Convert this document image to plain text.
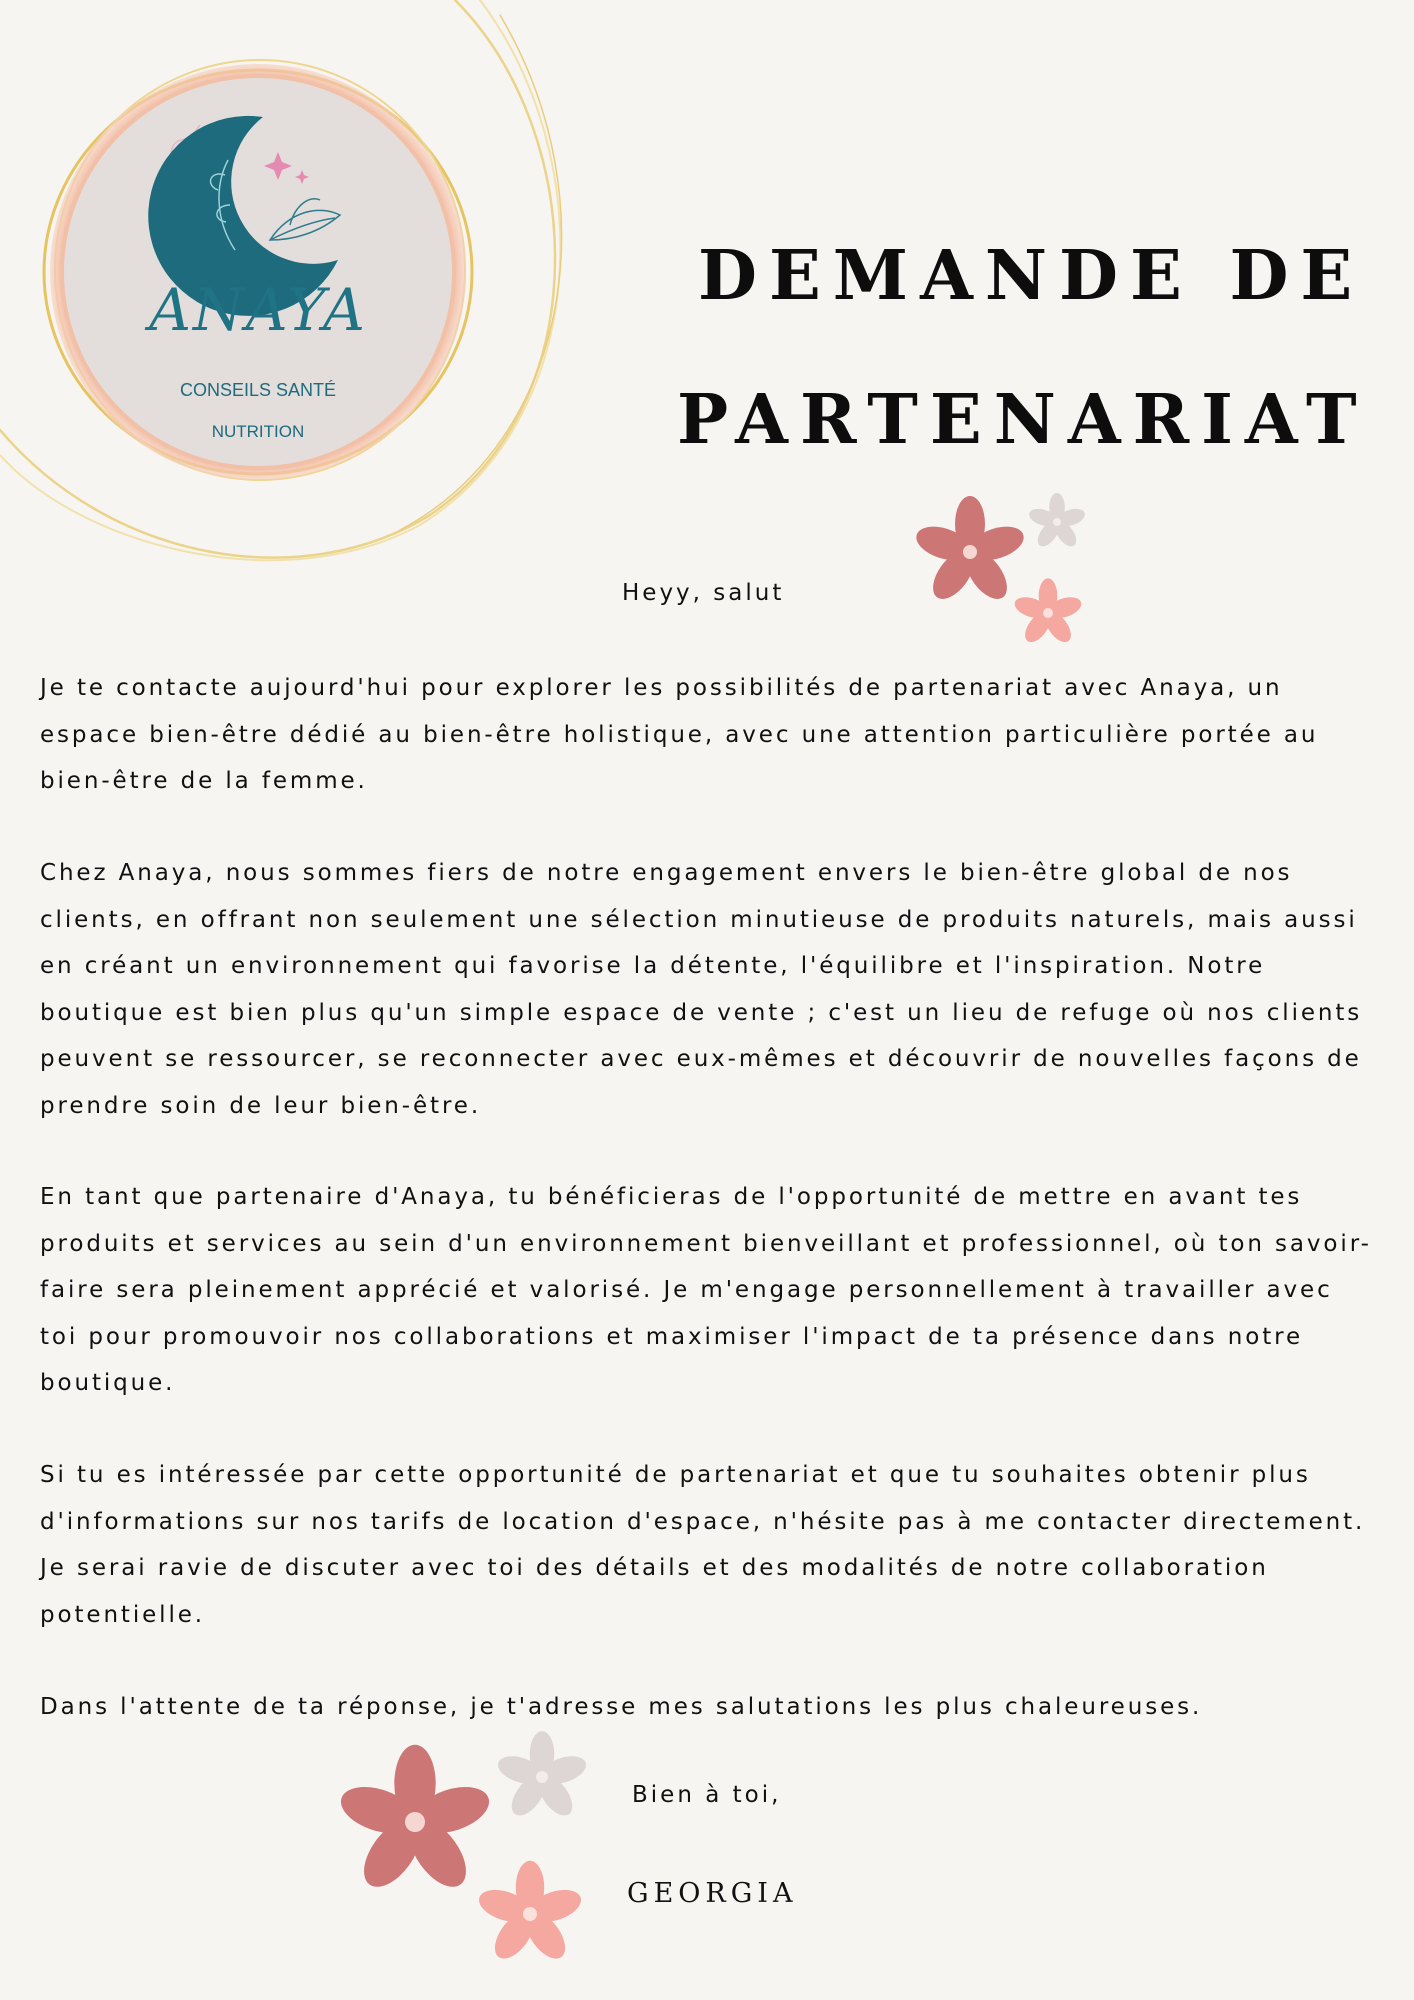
ANAYA
CONSEILS SANTÉ
NUTRITION
DEMANDE DE
PARTENARIAT
Heyy, salut

Je te contacte aujourd'hui pour explorer les possibilités de partenariat avec Anaya, un espace bien-être dédié au bien-être holistique, avec une attention particulière portée au bien-être de la femme.

Chez Anaya, nous sommes fiers de notre engagement envers le bien-être global de nos clients, en offrant non seulement une sélection minutieuse de produits naturels, mais aussi en créant un environnement qui favorise la détente, l'équilibre et l'inspiration. Notre boutique est bien plus qu'un simple espace de vente ; c'est un lieu de refuge où nos clients peuvent se ressourcer, se reconnecter avec eux-mêmes et découvrir de nouvelles façons de prendre soin de leur bien-être.

En tant que partenaire d'Anaya, tu bénéficieras de l'opportunité de mettre en avant tes produits et services au sein d'un environnement bienveillant et professionnel, où ton savoir-faire sera pleinement apprécié et valorisé. Je m'engage personnellement à travailler avec toi pour promouvoir nos collaborations et maximiser l'impact de ta présence dans notre boutique.

Si tu es intéressée par cette opportunité de partenariat et que tu souhaites obtenir plus d'informations sur nos tarifs de location d'espace, n'hésite pas à me contacter directement. Je serai ravie de discuter avec toi des détails et des modalités de notre collaboration potentielle.

Dans l'attente de ta réponse, je t'adresse mes salutations les plus chaleureuses.

Bien à toi,
GEORGIA
